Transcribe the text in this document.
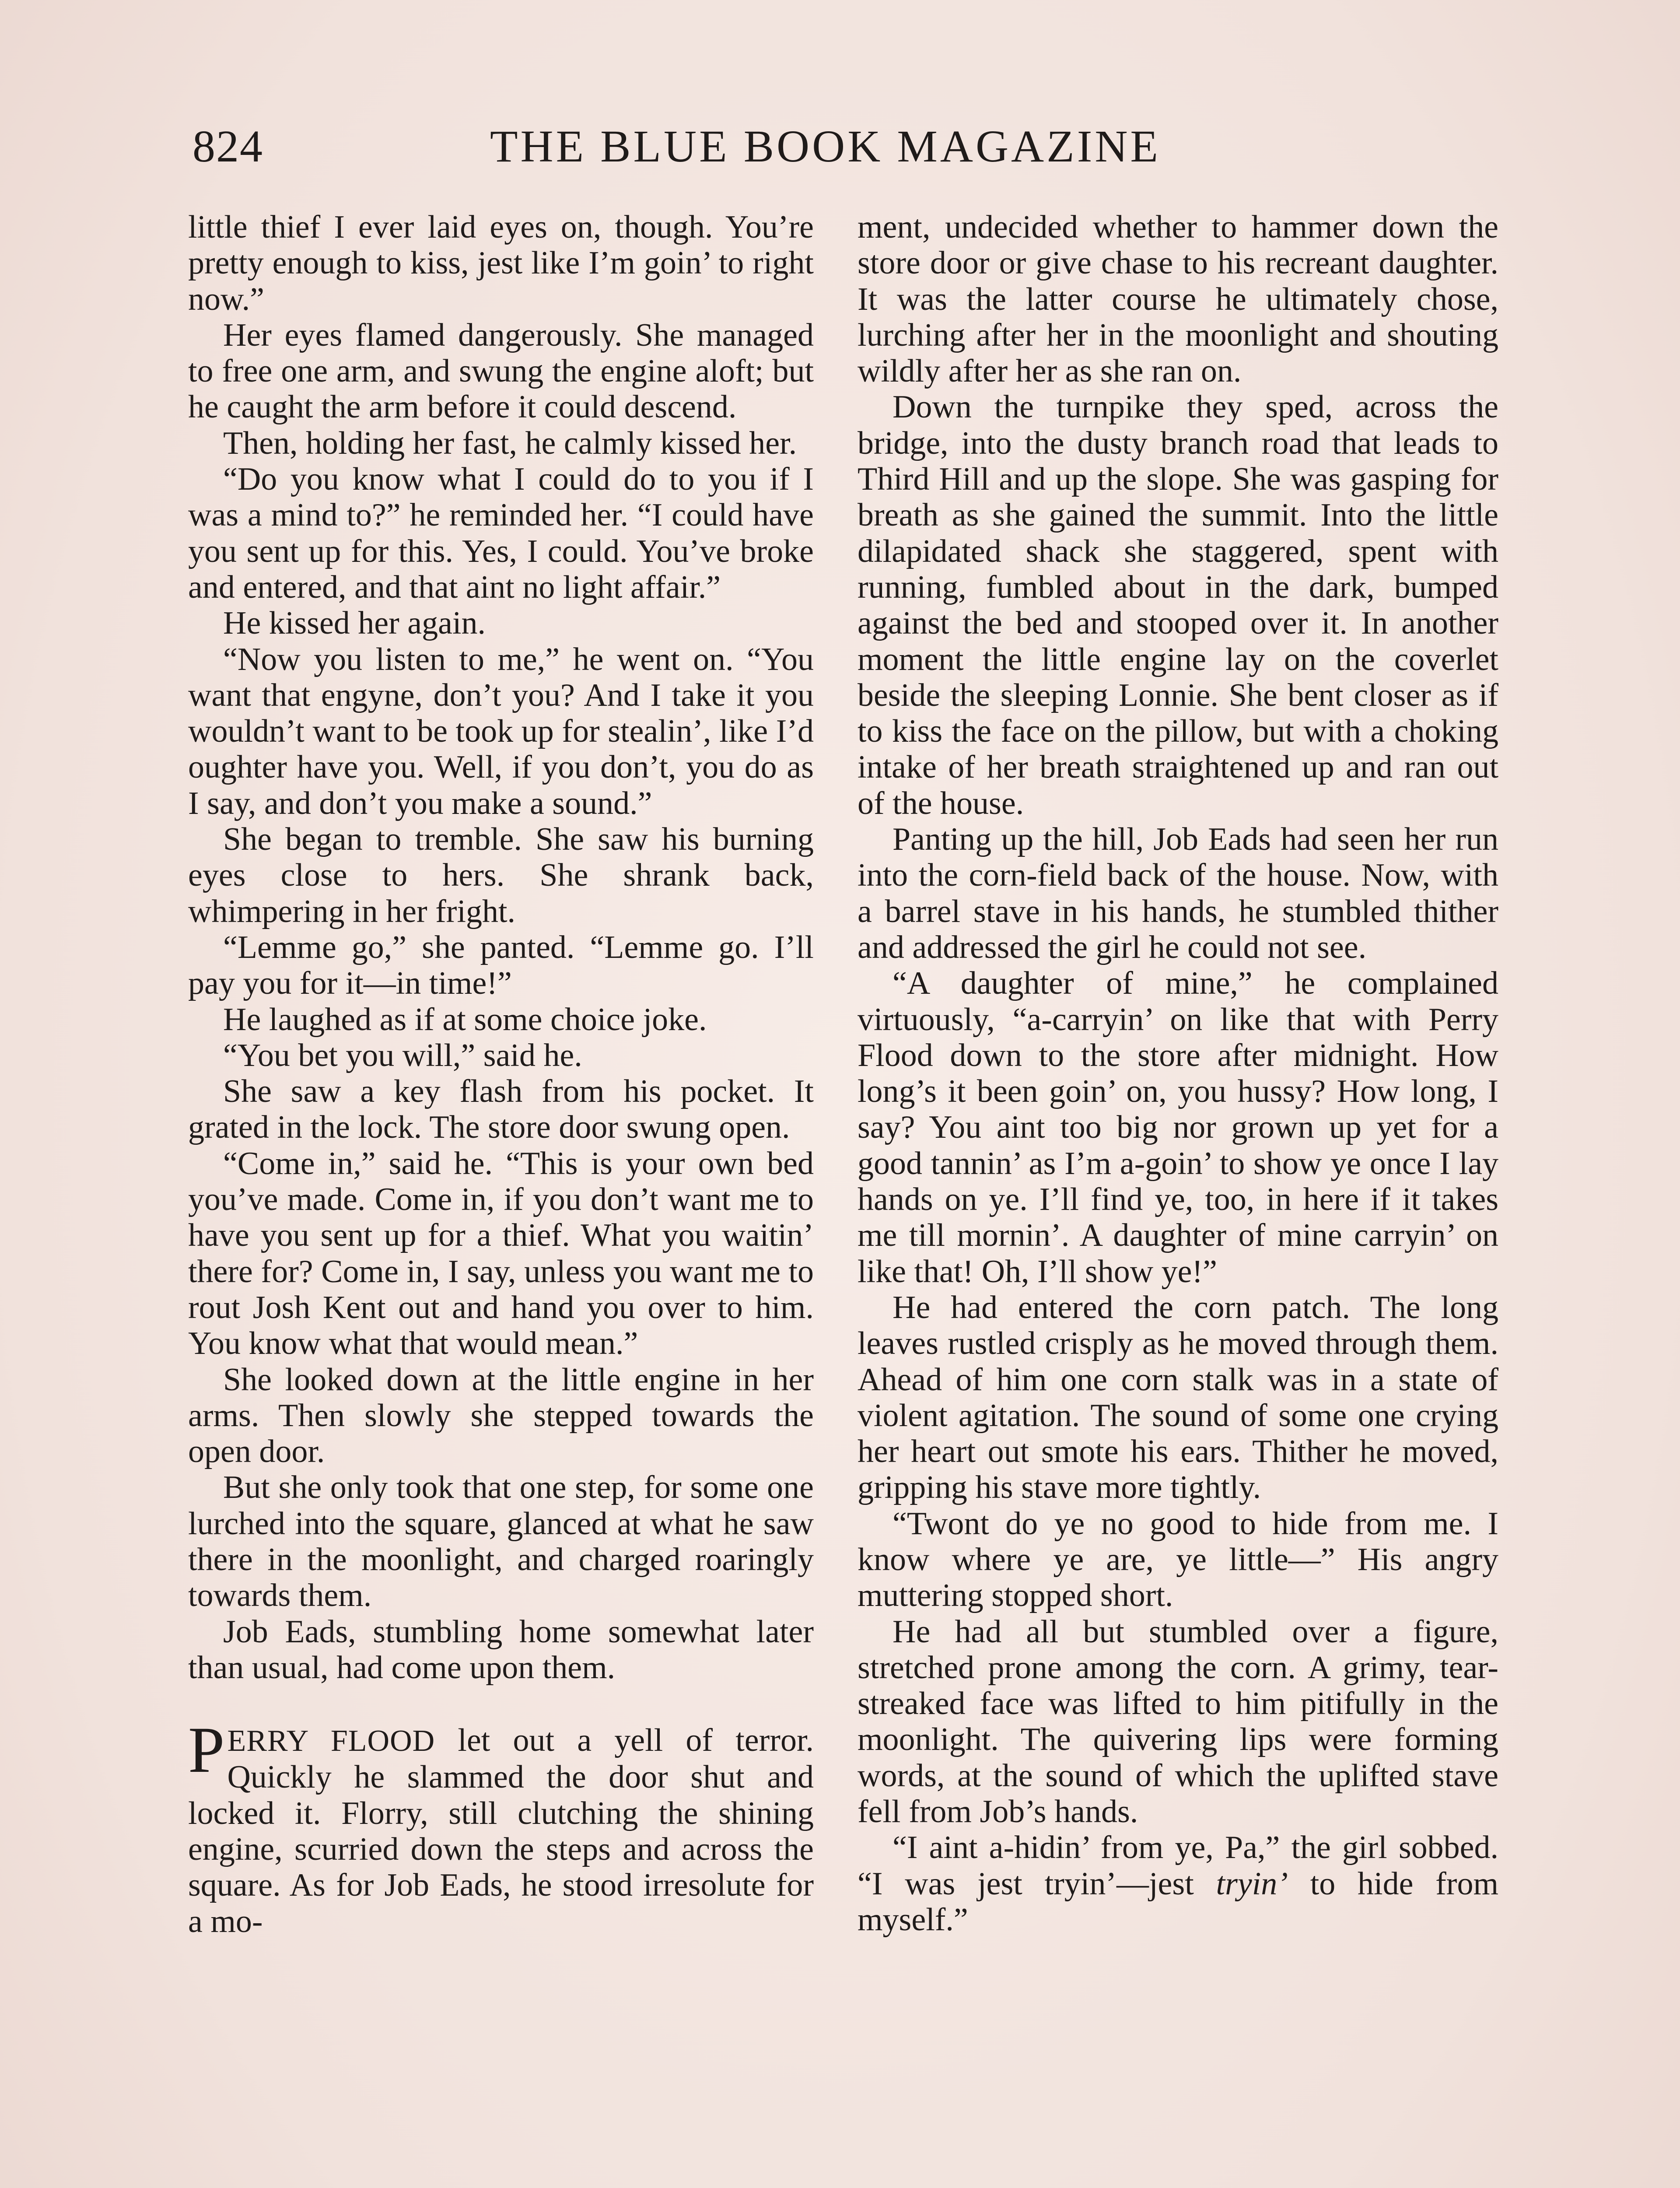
824	THE BLUE BOOK MAGAZINE

little thief I ever laid eyes on, though. You’re pretty enough to kiss, jest like I’m goin’ to right now.”

Her eyes flamed dangerously. She managed to free one arm, and swung the engine aloft; but he caught the arm before it could descend.

Then, holding her fast, he calmly kissed her.

“Do you know what I could do to you if I was a mind to?” he reminded her. “I could have you sent up for this. Yes, I could. You’ve broke and entered, and that aint no light affair.”

He kissed her again.

“Now you listen to me,” he went on. “You want that engyne, don’t you? And I take it you wouldn’t want to be took up for stealin’, like I’d oughter have you. Well, if you don’t, you do as I say, and don’t you make a sound.”

She began to tremble. She saw his burning eyes close to hers. She shrank back, whimpering in her fright.

“Lemme go,” she panted. “Lemme go. I’ll pay you for it—in time!”

He laughed as if at some choice joke.

“You bet you will,” said he.

She saw a key flash from his pocket. It grated in the lock. The store door swung open.

“Come in,” said he. “This is your own bed you’ve made. Come in, if you don’t want me to have you sent up for a thief. What you waitin’ there for? Come in, I say, unless you want me to rout Josh Kent out and hand you over to him. You know what that would mean.”

She looked down at the little engine in her arms. Then slowly she stepped towards the open door.

But she only took that one step, for some one lurched into the square, glanced at what he saw there in the moonlight, and charged roaringly towards them.

Job Eads, stumbling home somewhat later than usual, had come upon them.

PERRY FLOOD let out a yell of terror. Quickly he slammed the door shut and locked it. Florry, still clutching the shining engine, scurried down the steps and across the square. As for Job Eads, he stood irresolute for a mo-

ment, undecided whether to hammer down the store door or give chase to his recreant daughter. It was the latter course he ultimately chose, lurching after her in the moonlight and shouting wildly after her as she ran on.

Down the turnpike they sped, across the bridge, into the dusty branch road that leads to Third Hill and up the slope. She was gasping for breath as she gained the summit. Into the little dilapidated shack she staggered, spent with running, fumbled about in the dark, bumped against the bed and stooped over it. In another moment the little engine lay on the coverlet beside the sleeping Lonnie. She bent closer as if to kiss the face on the pillow, but with a choking intake of her breath straightened up and ran out of the house.

Panting up the hill, Job Eads had seen her run into the corn-field back of the house. Now, with a barrel stave in his hands, he stumbled thither and addressed the girl he could not see.

“A daughter of mine,” he complained virtuously, “a-carryin’ on like that with Perry Flood down to the store after midnight. How long’s it been goin’ on, you hussy? How long, I say? You aint too big nor grown up yet for a good tannin’ as I’m a-goin’ to show ye once I lay hands on ye. I’ll find ye, too, in here if it takes me till mornin’. A daughter of mine carryin’ on like that! Oh, I’ll show ye!”

He had entered the corn patch. The long leaves rustled crisply as he moved through them. Ahead of him one corn stalk was in a state of violent agitation. The sound of some one crying her heart out smote his ears. Thither he moved, gripping his stave more tightly.

“Twont do ye no good to hide from me. I know where ye are, ye little—” His angry muttering stopped short.

He had all but stumbled over a figure, stretched prone among the corn. A grimy, tear-streaked face was lifted to him pitifully in the moonlight. The quivering lips were forming words, at the sound of which the uplifted stave fell from Job’s hands.

“I aint a-hidin’ from ye, Pa,” the girl sobbed. “I was jest tryin’—jest tryin’ to hide from myself.”
